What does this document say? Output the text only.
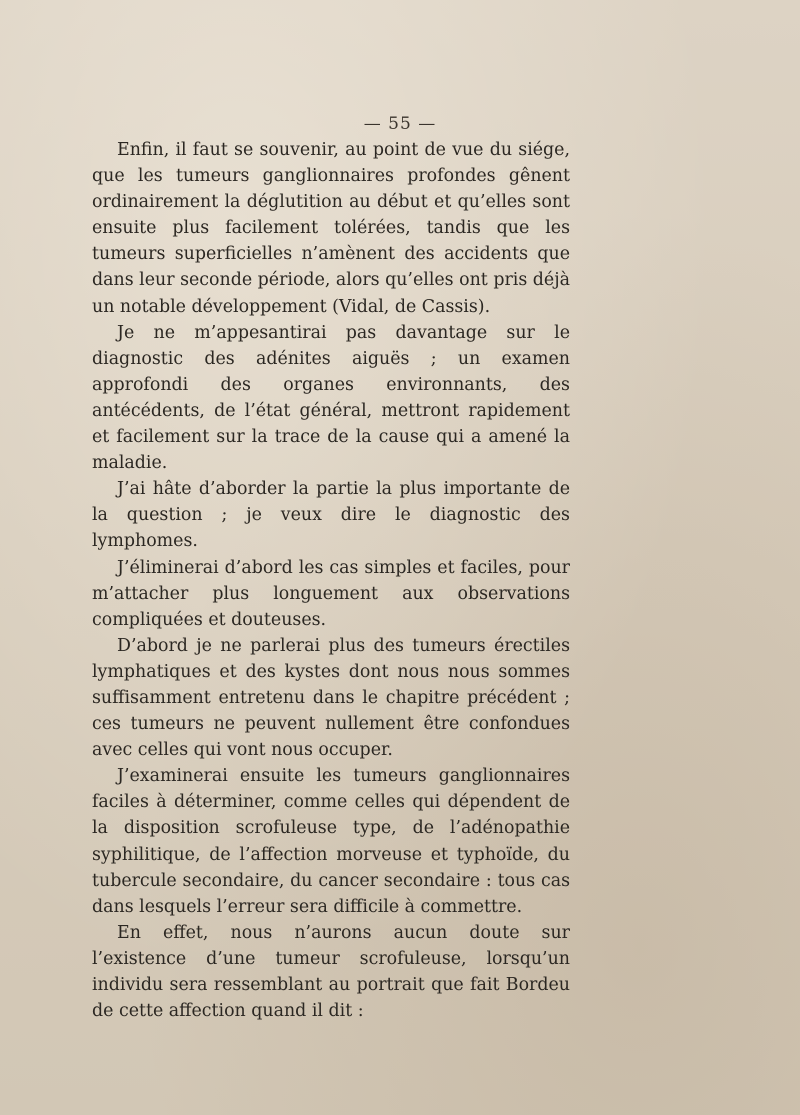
— 55 —

Enfin, il faut se souvenir, au point de vue du siége, que les tumeurs ganglionnaires profondes gênent ordinairement la déglutition au début et qu’elles sont ensuite plus facilement tolérées, tandis que les tumeurs superficielles n’amènent des accidents que dans leur seconde période, alors qu’elles ont pris déjà un notable développement (Vidal, de Cassis).

Je ne m’appesantirai pas davantage sur le diagnostic des adénites aiguës ; un examen approfondi des organes environnants, des antécédents, de l’état général, mettront rapidement et facilement sur la trace de la cause qui a amené la maladie.

J’ai hâte d’aborder la partie la plus importante de la question ; je veux dire le diagnostic des lymphomes.

J’éliminerai d’abord les cas simples et faciles, pour m’attacher plus longuement aux observations compliquées et douteuses.

D’abord je ne parlerai plus des tumeurs érectiles lymphatiques et des kystes dont nous nous sommes suffisamment entretenu dans le chapitre précédent ; ces tumeurs ne peuvent nullement être confondues avec celles qui vont nous occuper.

J’examinerai ensuite les tumeurs ganglionnaires faciles à déterminer, comme celles qui dépendent de la disposition scrofuleuse type, de l’adénopathie syphilitique, de l’affection morveuse et typhoïde, du tubercule secondaire, du cancer secondaire : tous cas dans lesquels l’erreur sera difficile à commettre.

En effet, nous n’aurons aucun doute sur l’existence d’une tumeur scrofuleuse, lorsqu’un individu sera ressemblant au portrait que fait Bordeu de cette affection quand il dit :
